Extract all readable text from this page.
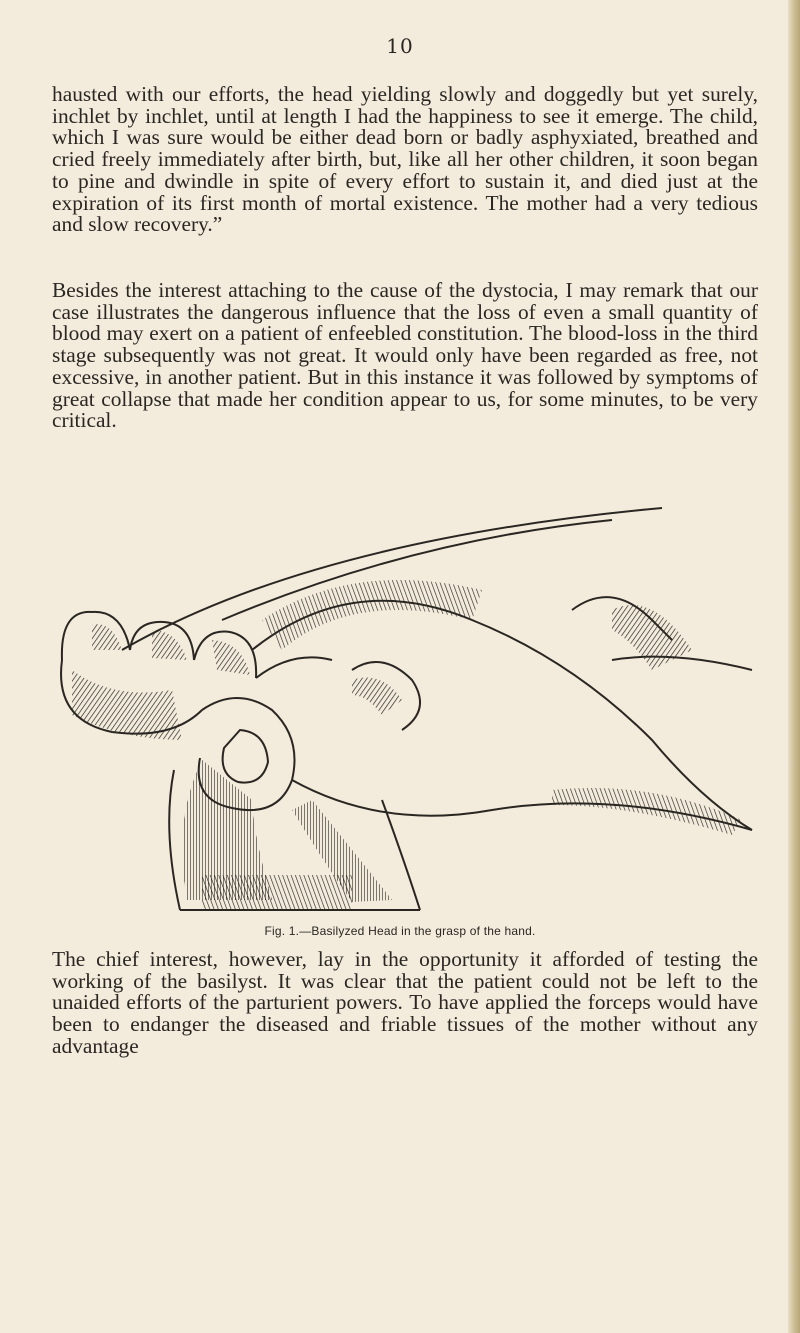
10

hausted with our efforts, the head yielding slowly and doggedly but yet surely, inchlet by inchlet, until at length I had the happiness to see it emerge. The child, which I was sure would be either dead born or badly asphyxiated, breathed and cried freely immediately after birth, but, like all her other children, it soon began to pine and dwindle in spite of every effort to sustain it, and died just at the expiration of its first month of mortal existence. The mother had a very tedious and slow recovery.”

Besides the interest attaching to the cause of the dystocia, I may remark that our case illustrates the dangerous influence that the loss of even a small quantity of blood may exert on a patient of enfeebled constitution. The blood-loss in the third stage subsequently was not great. It would only have been regarded as free, not excessive, in another patient. But in this instance it was followed by symptoms of great collapse that made her condition appear to us, for some minutes, to be very critical.

Fig. 1.—Basilyzed Head in the grasp of the hand.

The chief interest, however, lay in the opportunity it afforded of testing the working of the basilyst. It was clear that the patient could not be left to the unaided efforts of the parturient powers. To have applied the forceps would have been to endanger the diseased and friable tissues of the mother without any advantage
